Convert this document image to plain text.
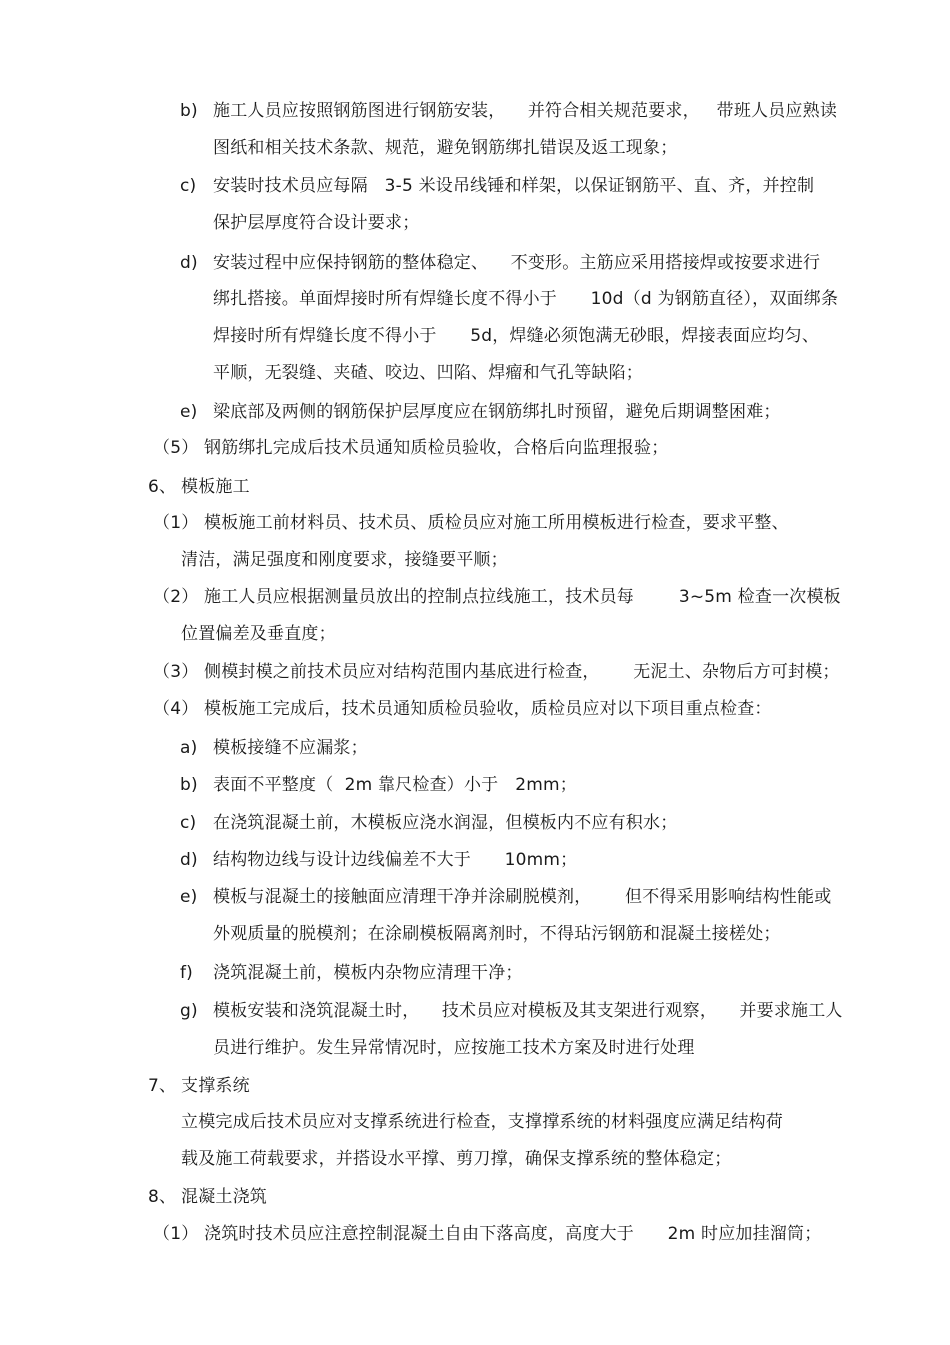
b) 施工人员应按照钢筋图进行钢筋安装，    并符合相关规范要求，   带班人员应熟读
图纸和相关技术条款、规范，避免钢筋绑扎错误及返工现象；
c) 安装时技术员应每隔   3-5 米设吊线锤和样架，以保证钢筋平、直、齐，并控制
保护层厚度符合设计要求；
d) 安装过程中应保持钢筋的整体稳定、    不变形。主筋应采用搭接焊或按要求进行
绑扎搭接。单面焊接时所有焊缝长度不得小于      10d（d 为钢筋直径），双面绑条
焊接时所有焊缝长度不得小于      5d，焊缝必须饱满无砂眼，焊接表面应均匀、
平顺，无裂缝、夹碴、咬边、凹陷、焊瘤和气孔等缺陷；
e) 梁底部及两侧的钢筋保护层厚度应在钢筋绑扎时预留，避免后期调整困难；
（5） 钢筋绑扎完成后技术员通知质检员验收，合格后向监理报验；
6、 模板施工
（1） 模板施工前材料员、技术员、质检员应对施工所用模板进行检查，要求平整、
清洁，满足强度和刚度要求，接缝要平顺；
（2） 施工人员应根据测量员放出的控制点拉线施工，技术员每        3~5m 检查一次模板
位置偏差及垂直度；
（3） 侧模封模之前技术员应对结构范围内基底进行检查，      无泥土、杂物后方可封模；
（4） 模板施工完成后，技术员通知质检员验收，质检员应对以下项目重点检查：
a) 模板接缝不应漏浆；
b) 表面不平整度（  2m 靠尺检查）小于   2mm；
c) 在浇筑混凝土前，木模板应浇水润湿，但模板内不应有积水；
d) 结构物边线与设计边线偏差不大于      10mm；
e) 模板与混凝土的接触面应清理干净并涂刷脱模剂，      但不得采用影响结构性能或
外观质量的脱模剂；在涂刷模板隔离剂时，不得玷污钢筋和混凝土接槎处；
f) 浇筑混凝土前，模板内杂物应清理干净；
g) 模板安装和浇筑混凝土时，    技术员应对模板及其支架进行观察，    并要求施工人
员进行维护。发生异常情况时，应按施工技术方案及时进行处理
7、 支撑系统
立模完成后技术员应对支撑系统进行检查，支撑撑系统的材料强度应满足结构荷
载及施工荷载要求，并搭设水平撑、剪刀撑，确保支撑系统的整体稳定；
8、 混凝土浇筑
（1） 浇筑时技术员应注意控制混凝土自由下落高度，高度大于      2m 时应加挂溜筒；
